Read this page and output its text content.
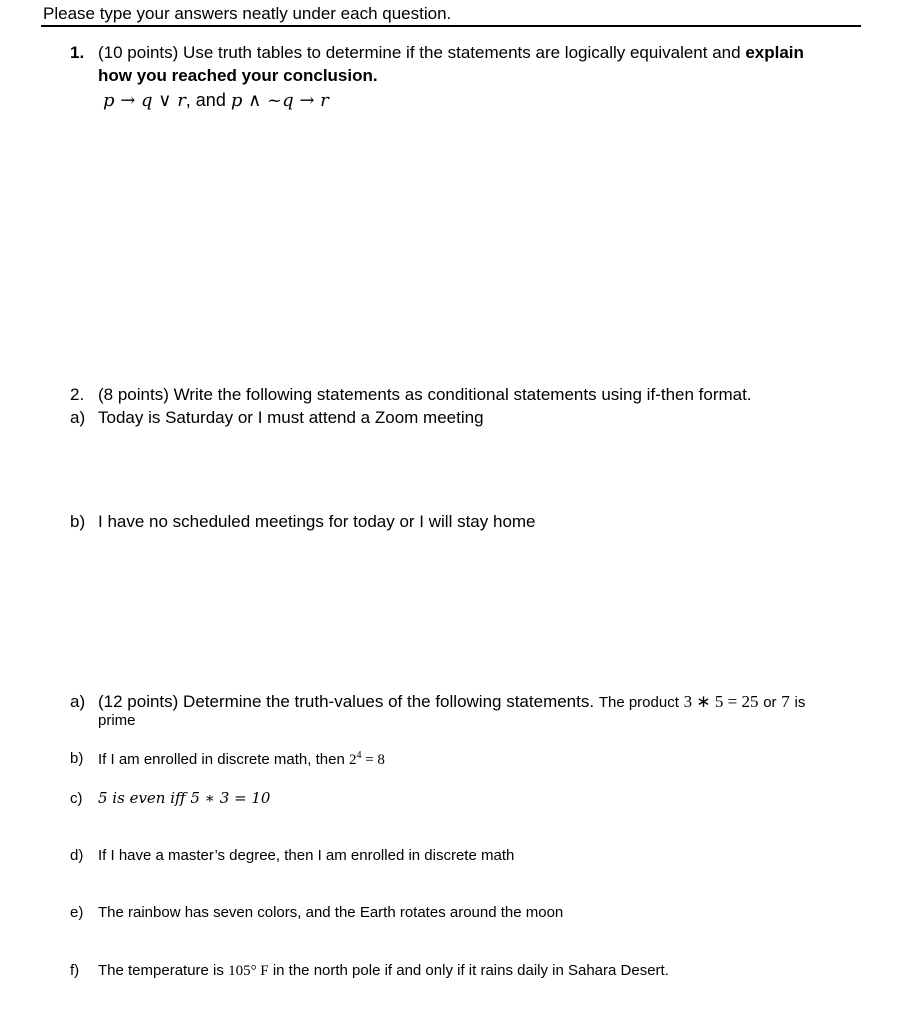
Please type your answers neatly under each question.
1. (10 points) Use truth tables to determine if the statements are logically equivalent and explain
how you reached your conclusion.
p → q ∨ r, and p ∧ ~q → r
2. (8 points) Write the following statements as conditional statements using if-then format.
a) Today is Saturday or I must attend a Zoom meeting
b) I have no scheduled meetings for today or I will stay home
a) (12 points) Determine the truth-values of the following statements. The product 3 ∗ 5 = 25 or 7 is
prime
b) If I am enrolled in discrete math, then $2^4 = 8$
c) 5 is even iff 5 ∗ 3 = 10
d) If I have a master’s degree, then I am enrolled in discrete math
e) The rainbow has seven colors, and the Earth rotates around the moon
f) The temperature is 105° F in the north pole if and only if it rains daily in Sahara Desert.
